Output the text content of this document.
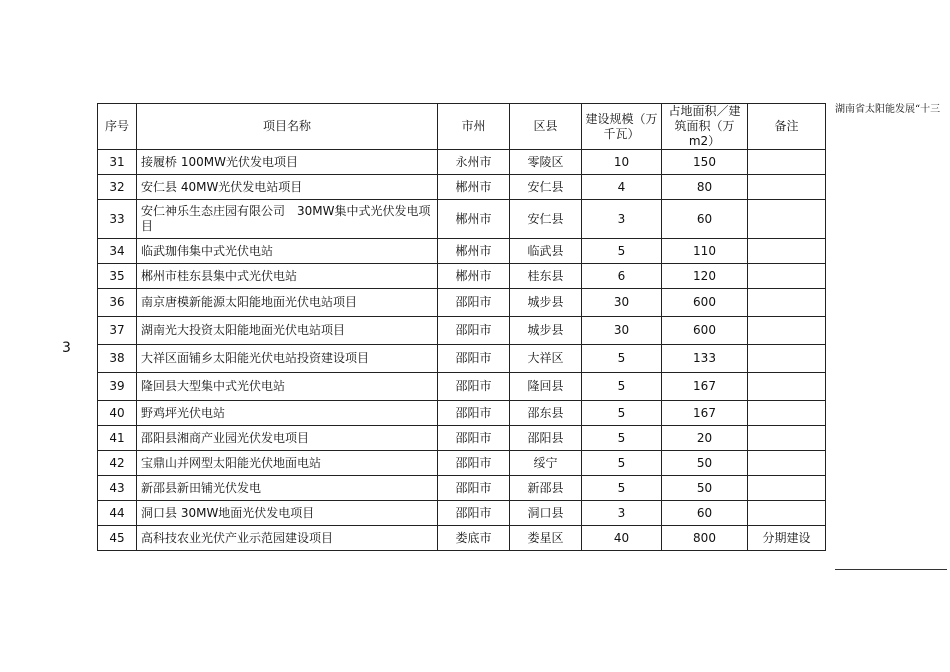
湖南省太阳能发展“十三
3
序号	项目名称	市州	区县	建设规模（万千瓦）	占地面积／建筑面积（万 m2）	备注
31	接履桥 100MW光伏发电项目	永州市	零陵区	10	150	
32	安仁县 40MW光伏发电站项目	郴州市	安仁县	4	80	
33	安仁神乐生态庄园有限公司　30MW集中式光伏发电项目	郴州市	安仁县	3	60	
34	临武珈伟集中式光伏电站	郴州市	临武县	5	110	
35	郴州市桂东县集中式光伏电站	郴州市	桂东县	6	120	
36	南京唐模新能源太阳能地面光伏电站项目	邵阳市	城步县	30	600	
37	湖南光大投资太阳能地面光伏电站项目	邵阳市	城步县	30	600	
38	大祥区面铺乡太阳能光伏电站投资建设项目	邵阳市	大祥区	5	133	
39	隆回县大型集中式光伏电站	邵阳市	隆回县	5	167	
40	野鸡坪光伏电站	邵阳市	邵东县	5	167	
41	邵阳县湘商产业园光伏发电项目	邵阳市	邵阳县	5	20	
42	宝鼎山并网型太阳能光伏地面电站	邵阳市	绥宁	5	50	
43	新邵县新田铺光伏发电	邵阳市	新邵县	5	50	
44	洞口县 30MW地面光伏发电项目	邵阳市	洞口县	3	60	
45	高科技农业光伏产业示范园建设项目	娄底市	娄星区	40	800	分期建设
